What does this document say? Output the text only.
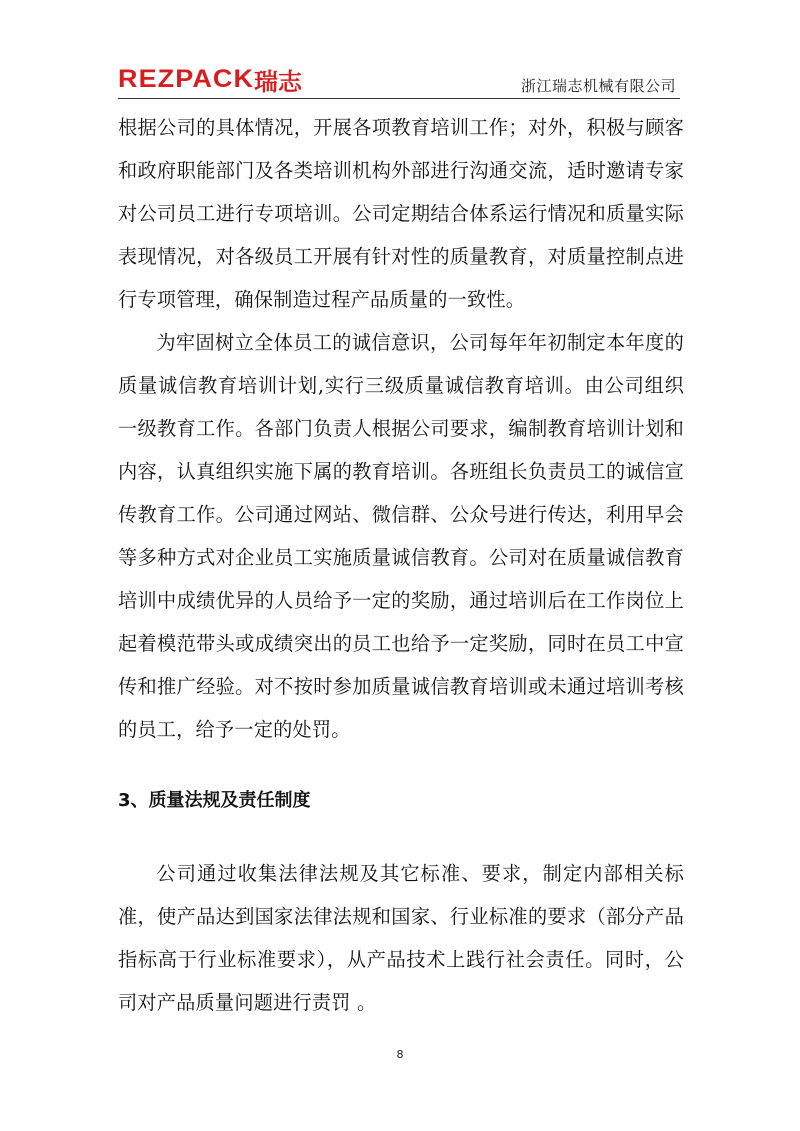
REZPACK 瑞志	浙江瑞志机械有限公司

根据公司的具体情况，开展各项教育培训工作；对外，积极与顾客和政府职能部门及各类培训机构外部进行沟通交流，适时邀请专家对公司员工进行专项培训。公司定期结合体系运行情况和质量实际表现情况，对各级员工开展有针对性的质量教育，对质量控制点进行专项管理，确保制造过程产品质量的一致性。

为牢固树立全体员工的诚信意识，公司每年年初制定本年度的质量诚信教育培训计划,实行三级质量诚信教育培训。由公司组织一级教育工作。各部门负责人根据公司要求，编制教育培训计划和内容，认真组织实施下属的教育培训。各班组长负责员工的诚信宣传教育工作。公司通过网站、微信群、公众号进行传达，利用早会等多种方式对企业员工实施质量诚信教育。公司对在质量诚信教育培训中成绩优异的人员给予一定的奖励，通过培训后在工作岗位上起着模范带头或成绩突出的员工也给予一定奖励，同时在员工中宣传和推广经验。对不按时参加质量诚信教育培训或未通过培训考核的员工，给予一定的处罚。

3、质量法规及责任制度

公司通过收集法律法规及其它标准、要求，制定内部相关标准，使产品达到国家法律法规和国家、行业标准的要求（部分产品指标高于行业标准要求），从产品技术上践行社会责任。同时，公司对产品质量问题进行责罚 。

8
